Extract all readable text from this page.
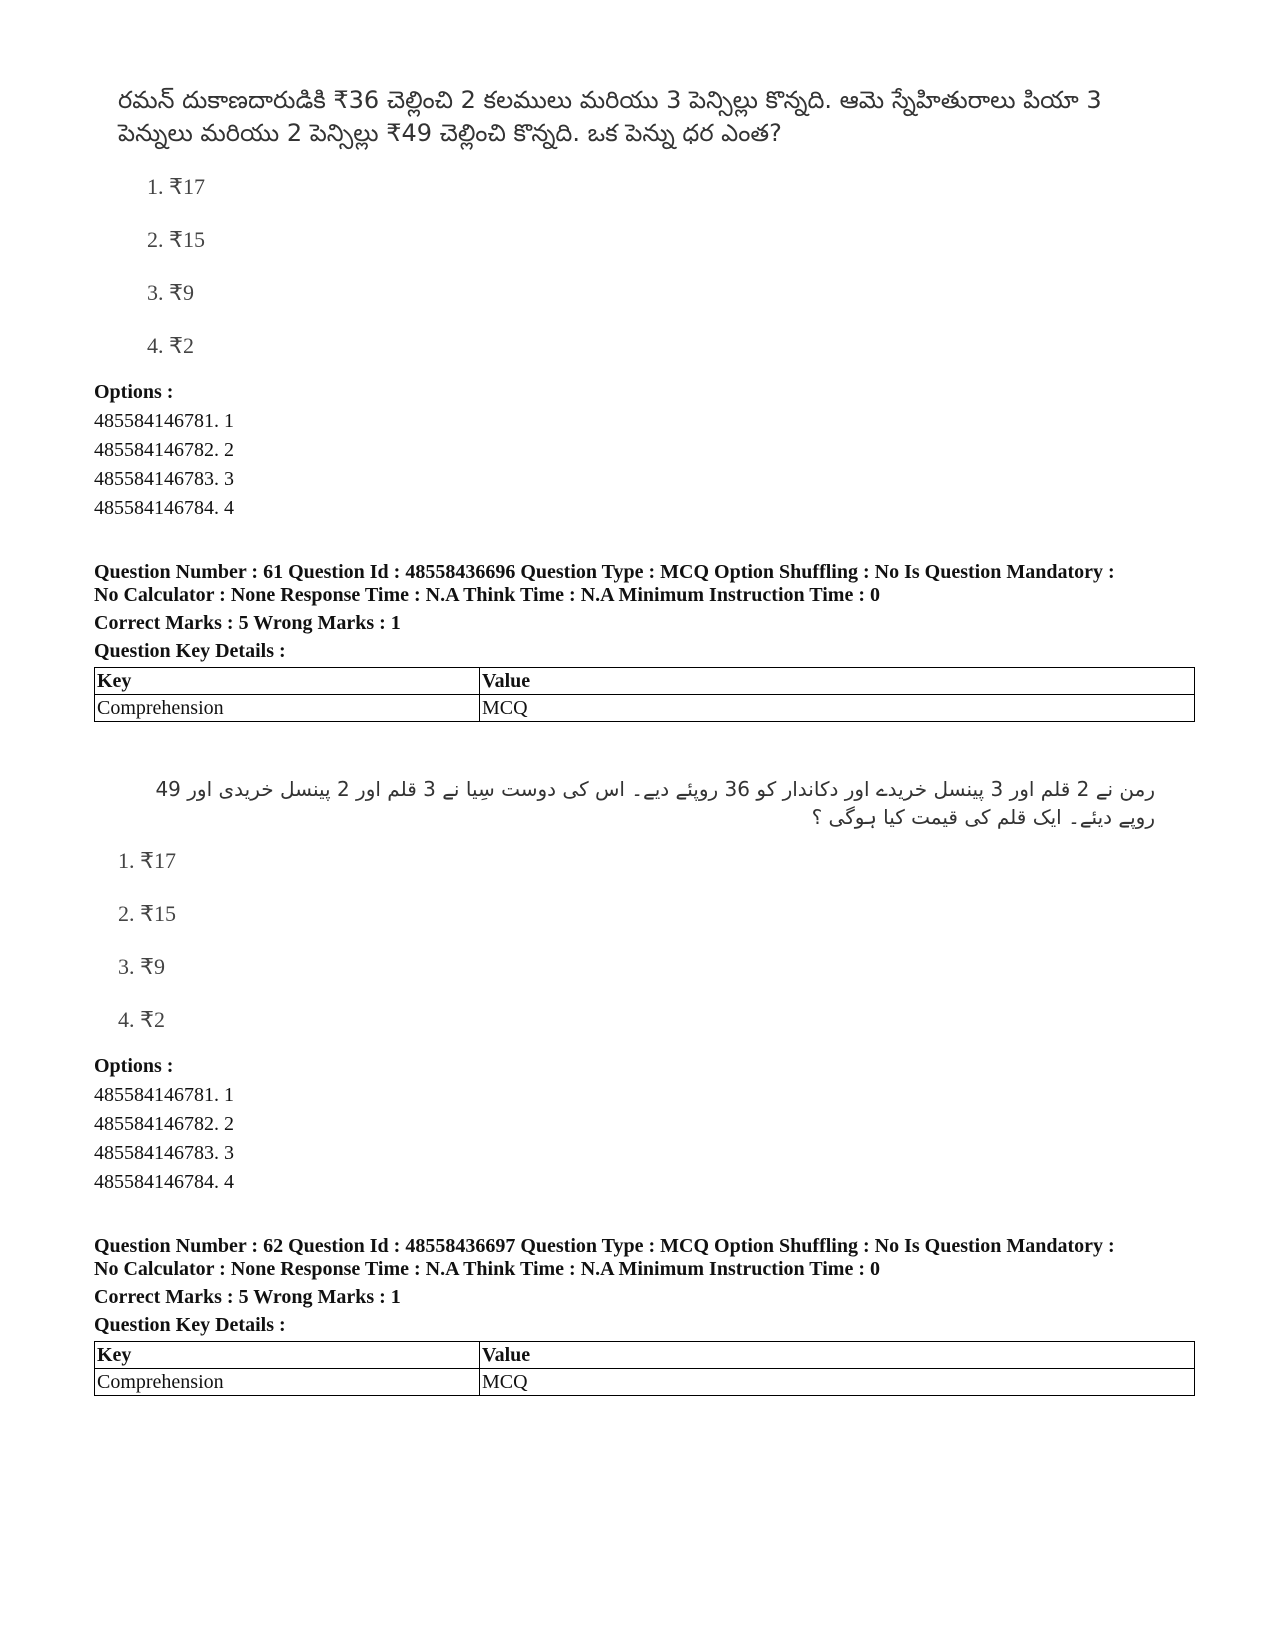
రమన్ దుకాణదారుడికి ₹36 చెల్లించి 2 కలములు మరియు 3 పెన్సిల్లు కొన్నది. ఆమె స్నేహితురాలు పియా 3 పెన్నులు మరియు 2 పెన్సిల్లు ₹49 చెల్లించి కొన్నది. ఒక పెన్ను ధర ఎంత?
1. ₹17
2. ₹15
3. ₹9
4. ₹2
Options :
485584146781. 1
485584146782. 2
485584146783. 3
485584146784. 4
Question Number : 61 Question Id : 48558436696 Question Type : MCQ Option Shuffling : No Is Question Mandatory :
No Calculator : None Response Time : N.A Think Time : N.A Minimum Instruction Time : 0
Correct Marks : 5 Wrong Marks : 1
Question Key Details :
Key	Value
Comprehension	MCQ
رمن نے 2 قلم اور 3 پینسل خریدے اور دکاندار کو 36 روپئے دیے۔ اس کی دوست سِیا نے 3 قلم اور 2 پینسل خریدی اور 49 روپے دیئے۔ ایک قلم کی قیمت کیا ہوگی ؟
1. ₹17
2. ₹15
3. ₹9
4. ₹2
Options :
485584146781. 1
485584146782. 2
485584146783. 3
485584146784. 4
Question Number : 62 Question Id : 48558436697 Question Type : MCQ Option Shuffling : No Is Question Mandatory :
No Calculator : None Response Time : N.A Think Time : N.A Minimum Instruction Time : 0
Correct Marks : 5 Wrong Marks : 1
Question Key Details :
Key	Value
Comprehension	MCQ
